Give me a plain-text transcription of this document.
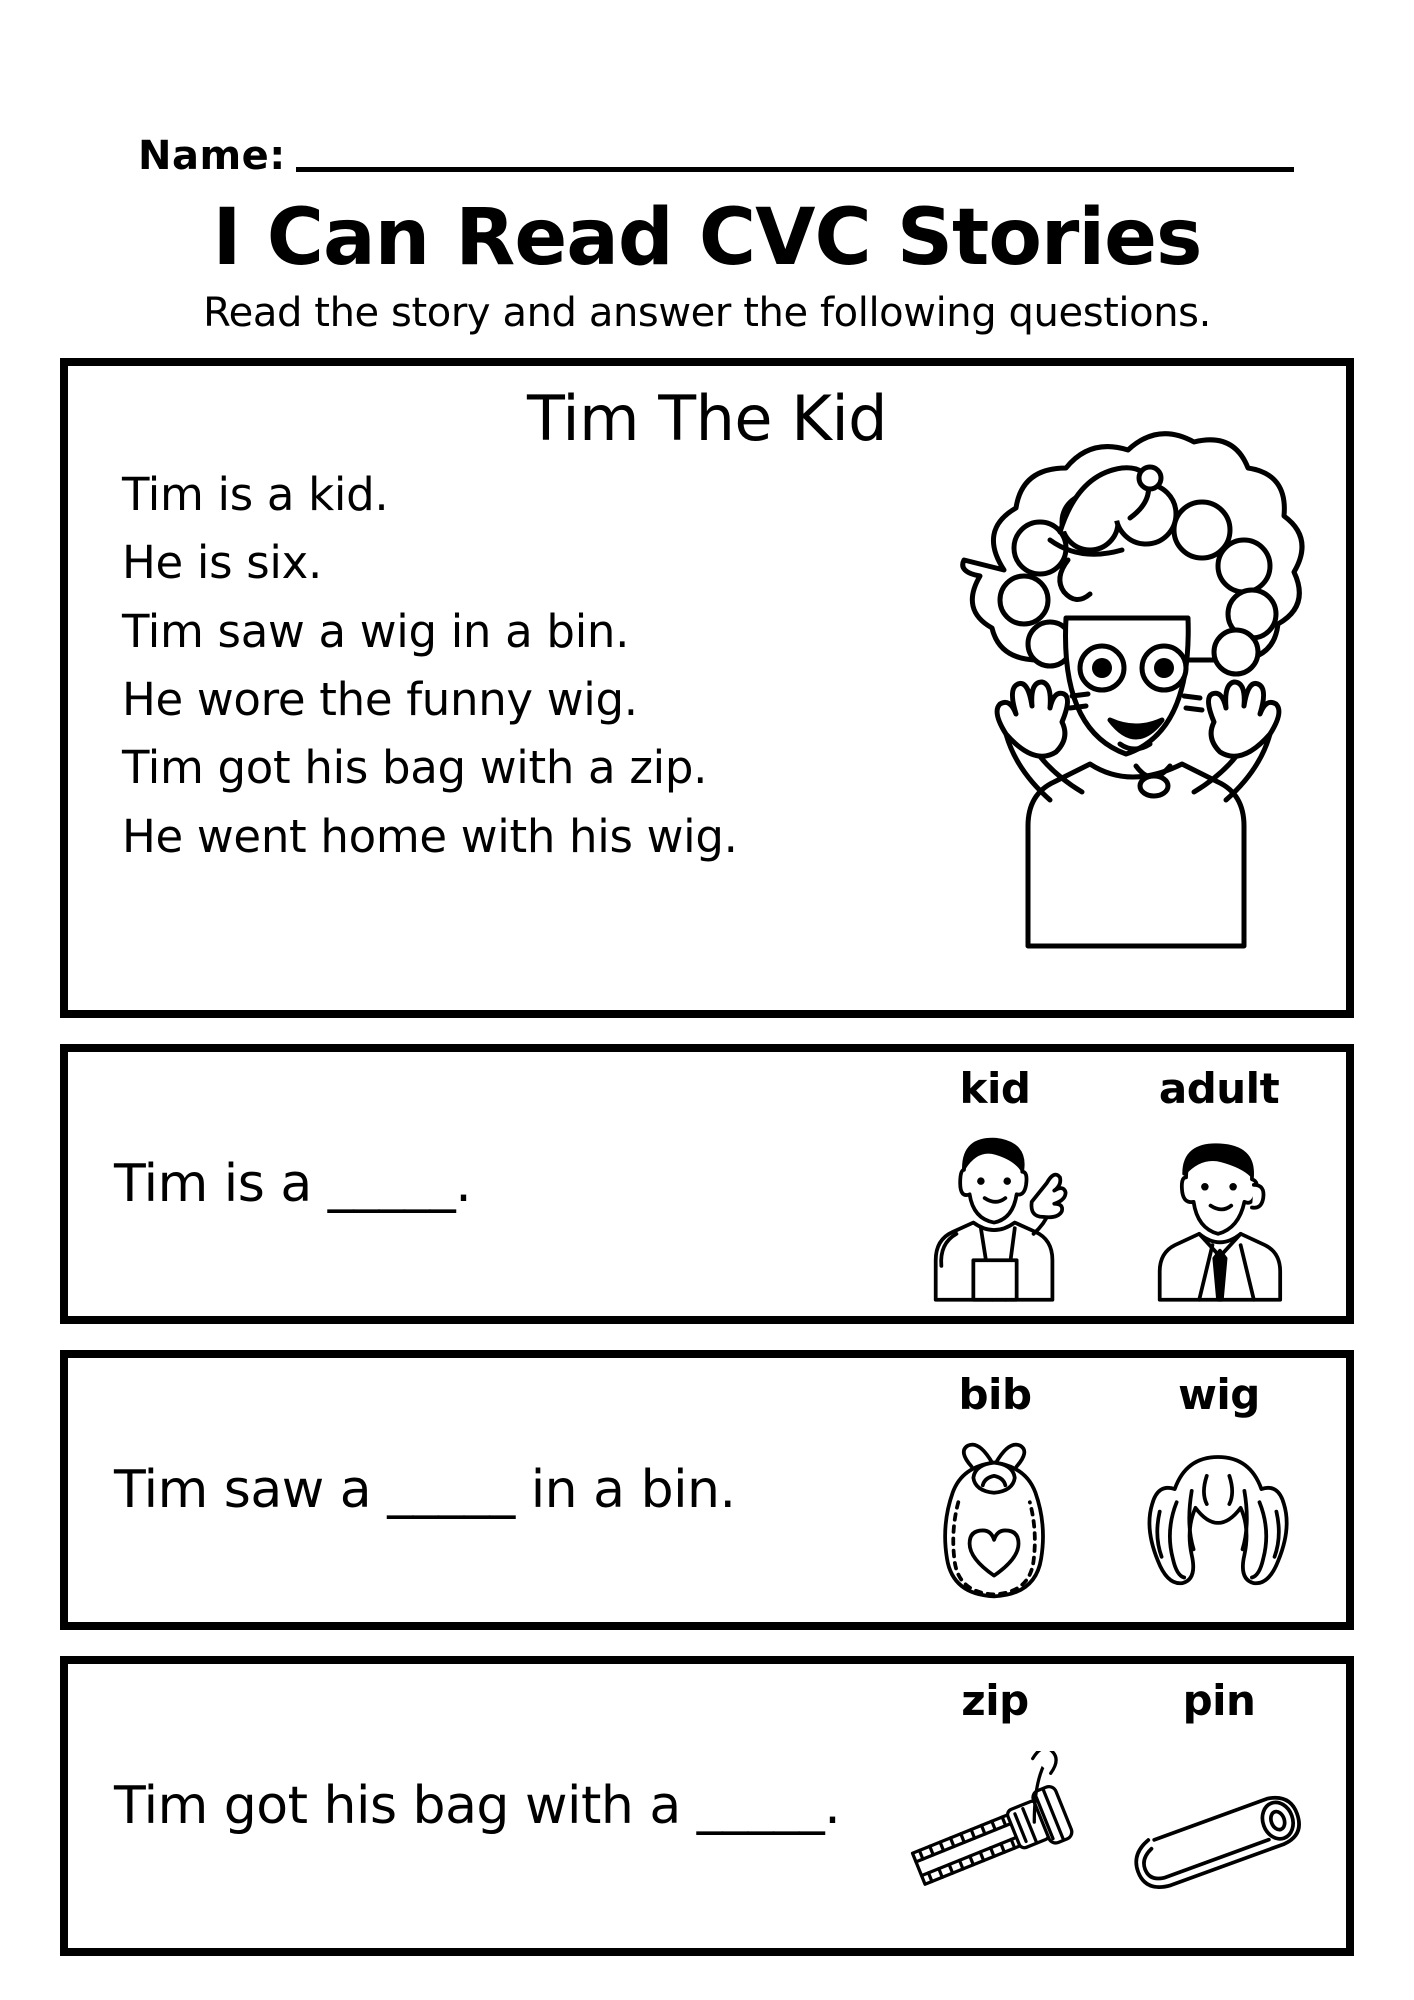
Name:
I Can Read CVC Stories
Read the story and answer the following questions.
Tim The Kid
Tim is a kid.
He is six.
Tim saw a wig in a bin.
He wore the funny wig.
Tim got his bag with a zip.
He went home with his wig.
Tim is a _____.
kid	adult
Tim saw a _____ in a bin.
bib	wig
Tim got his bag with a _____.
zip	pin
